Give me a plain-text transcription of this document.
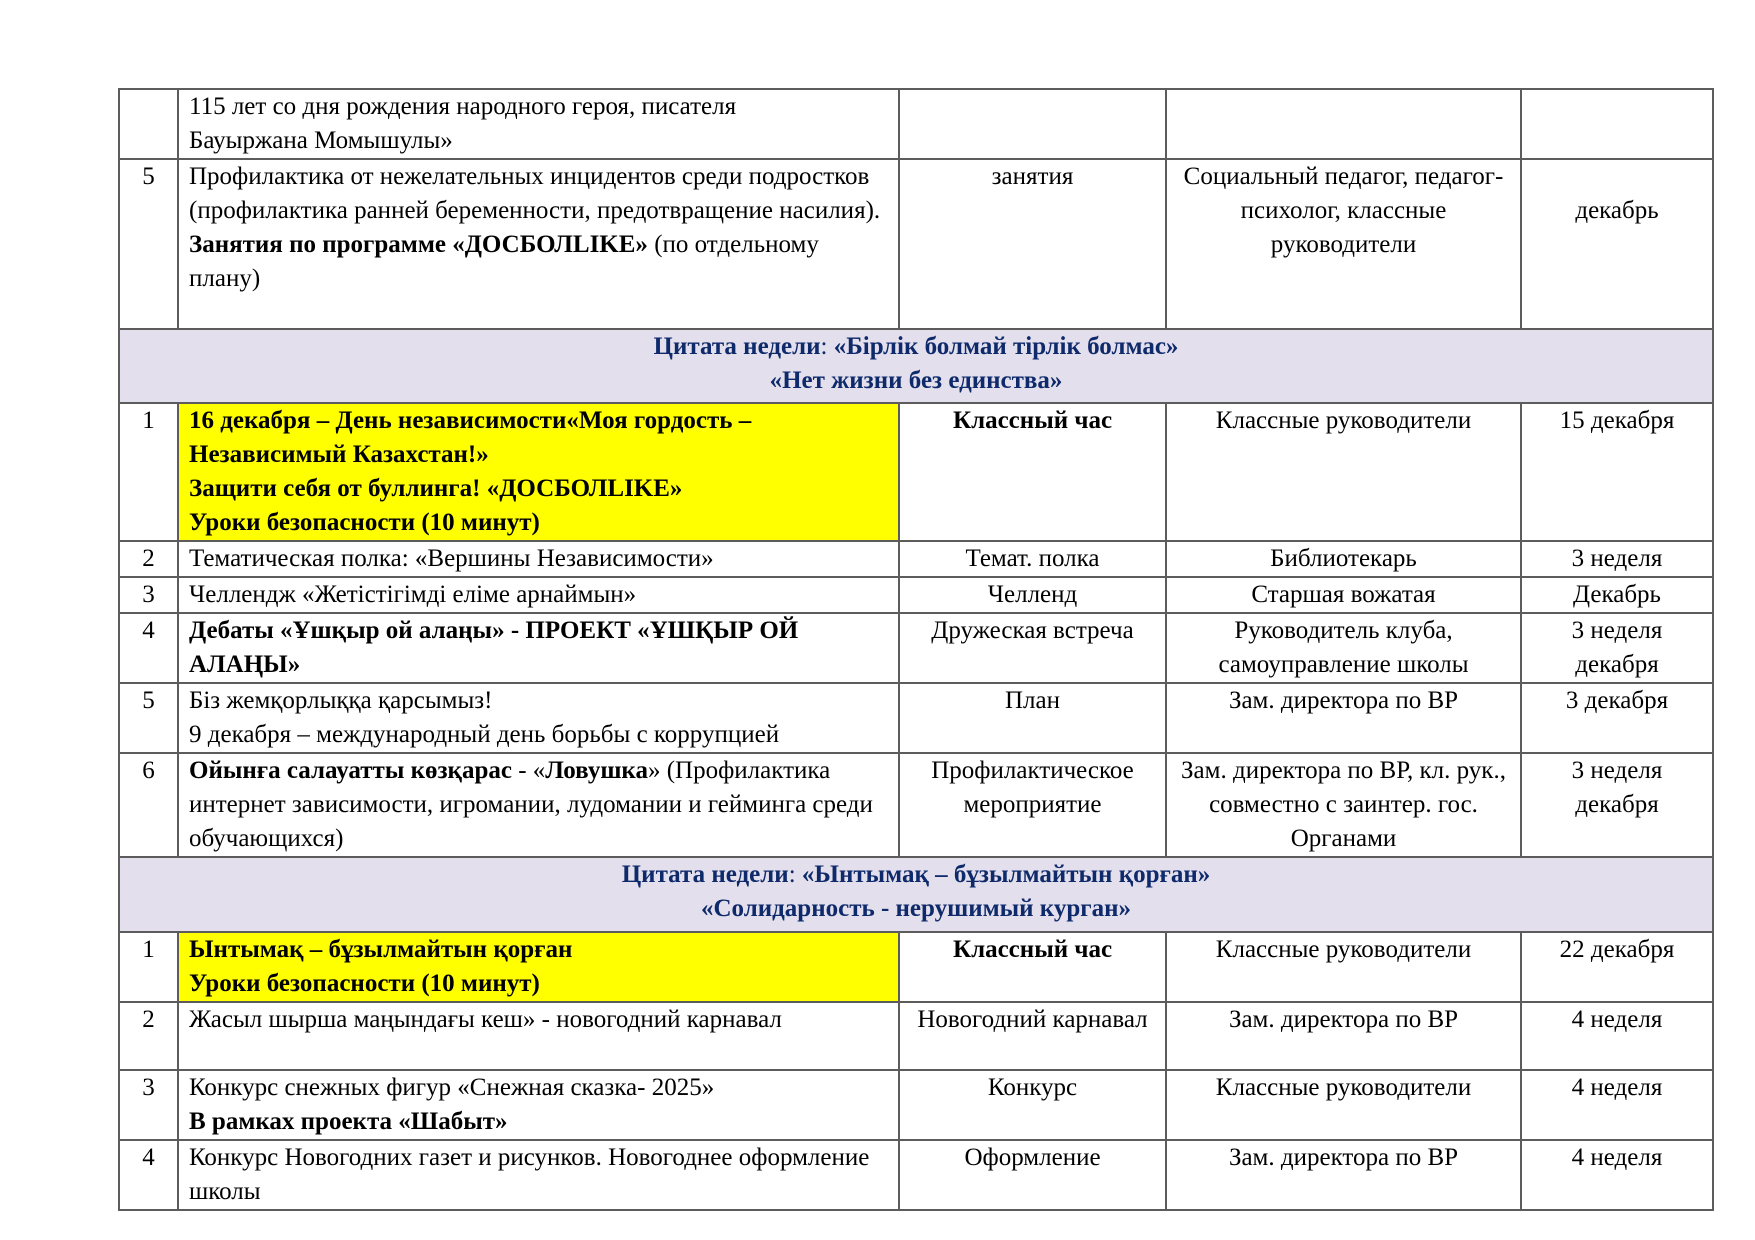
	115 лет со дня рождения народного героя, писателя
Бауыржана Момышулы»			

5	Профилактика от нежелательных инцидентов среди подростков (профилактика ранней беременности, предотвращение насилия). Занятия по программе «ДОСБОЛLIKE» (по отдельному плану)	занятия	Социальный педагог, педагог-психолог, классные руководители	декабрь

Цитата недели: «Бірлік болмай тірлік болмас»
«Нет жизни без единства»				

1	16 декабря – День независимости«Моя гордость – Независимый Казахстан!»
Защити себя от буллинга! «ДОСБОЛLIKE»
Уроки безопасности (10 минут)	Классный час	Классные руководители	15 декабря
2	Тематическая полка: «Вершины Независимости»	Темат. полка	Библиотекарь	3 неделя
3	Челлендж «Жетістігімді еліме арнаймын»	Челленд	Старшая вожатая	Декабрь
4	Дебаты «Ұшқыр ой алаңы» - ПРОЕКТ «ҰШҚЫР ОЙ АЛАҢЫ»	Дружеская встреча	Руководитель клуба, самоуправление школы	3 неделя декабря
5	Біз жемқорлыққа қарсымыз!
9 декабря – международный день борьбы с коррупцией	План	Зам. директора по ВР	3 декабря
6	Ойынға салауатты көзқарас - «Ловушка» (Профилактика интернет зависимости, игромании, лудомании и гейминга среди обучающихся)	Профилактическое мероприятие	Зам. директора по ВР, кл. рук., совместно с заинтер. гос. Органами	3 неделя декабря

Цитата недели: «Ынтымақ – бұзылмайтын қорған»
«Солидарность - нерушимый курган»				

1	Ынтымақ – бұзылмайтын қорған
Уроки безопасности (10 минут)	Классный час	Классные руководители	22 декабря
2	Жасыл шырша маңындағы кеш» - новогодний карнавал	Новогодний карнавал	Зам. директора по ВР	4 неделя
3	Конкурс снежных фигур «Снежная сказка- 2025»
В рамках проекта «Шабыт»	Конкурс	Классные руководители	4 неделя
4	Конкурс Новогодних газет и рисунков. Новогоднее оформление школы	Оформление	Зам. директора по ВР	4 неделя
